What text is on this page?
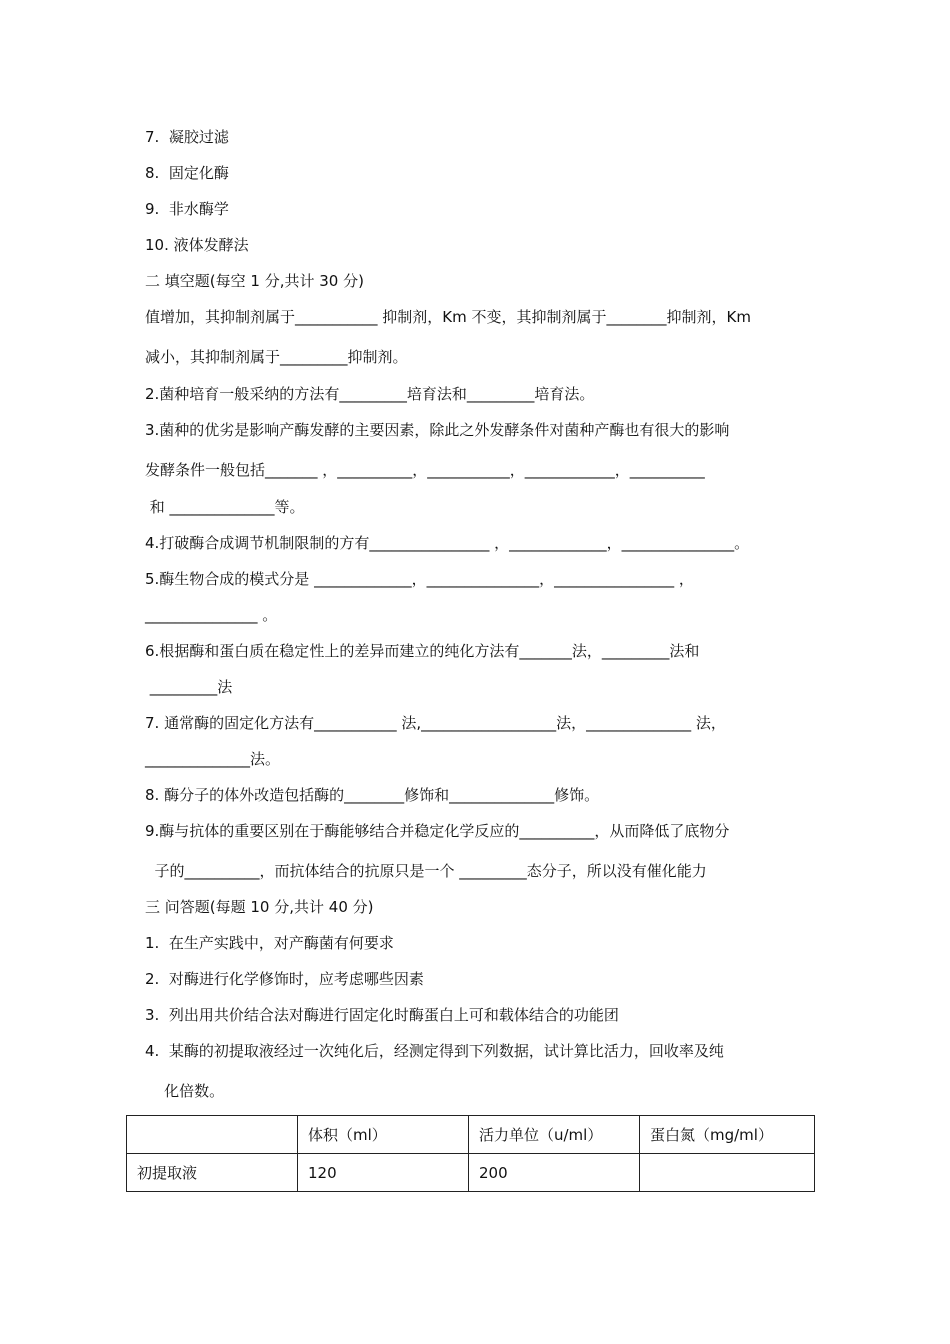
7.  凝胶过滤
8.  固定化酶
9.  非水酶学
10. 液体发酵法
二 填空题(每空 1 分,共计 30 分)
值增加，其抑制剂属于___________ 抑制剂，Km 不变，其抑制剂属于________抑制剂，Km
减小，其抑制剂属于_________抑制剂。
2.菌种培育一般采纳的方法有_________培育法和_________培育法。
3.菌种的优劣是影响产酶发酵的主要因素，除此之外发酵条件对菌种产酶也有很大的影响
发酵条件一般包括_______ ，__________，___________，____________，__________
和 ______________等。
4.打破酶合成调节机制限制的方有________________ ，_____________，_______________。
5.酶生物合成的模式分是 _____________，_______________，________________ ，
_______________ 。
6.根据酶和蛋白质在稳定性上的差异而建立的纯化方法有_______法，_________法和
_________法
7. 通常酶的固定化方法有___________ 法,__________________法，______________ 法，
______________法。
8. 酶分子的体外改造包括酶的________修饰和______________修饰。
9.酶与抗体的重要区别在于酶能够结合并稳定化学反应的__________，从而降低了底物分
子的__________，而抗体结合的抗原只是一个 _________态分子，所以没有催化能力
三 问答题(每题 10 分,共计 40 分)
1.  在生产实践中，对产酶菌有何要求
2.  对酶进行化学修饰时，应考虑哪些因素
3.  列出用共价结合法对酶进行固定化时酶蛋白上可和载体结合的功能团
4.  某酶的初提取液经过一次纯化后，经测定得到下列数据，试计算比活力，回收率及纯
化倍数。
	体积（ml）	活力单位（u/ml）	蛋白氮（mg/ml）
初提取液	120	200	
